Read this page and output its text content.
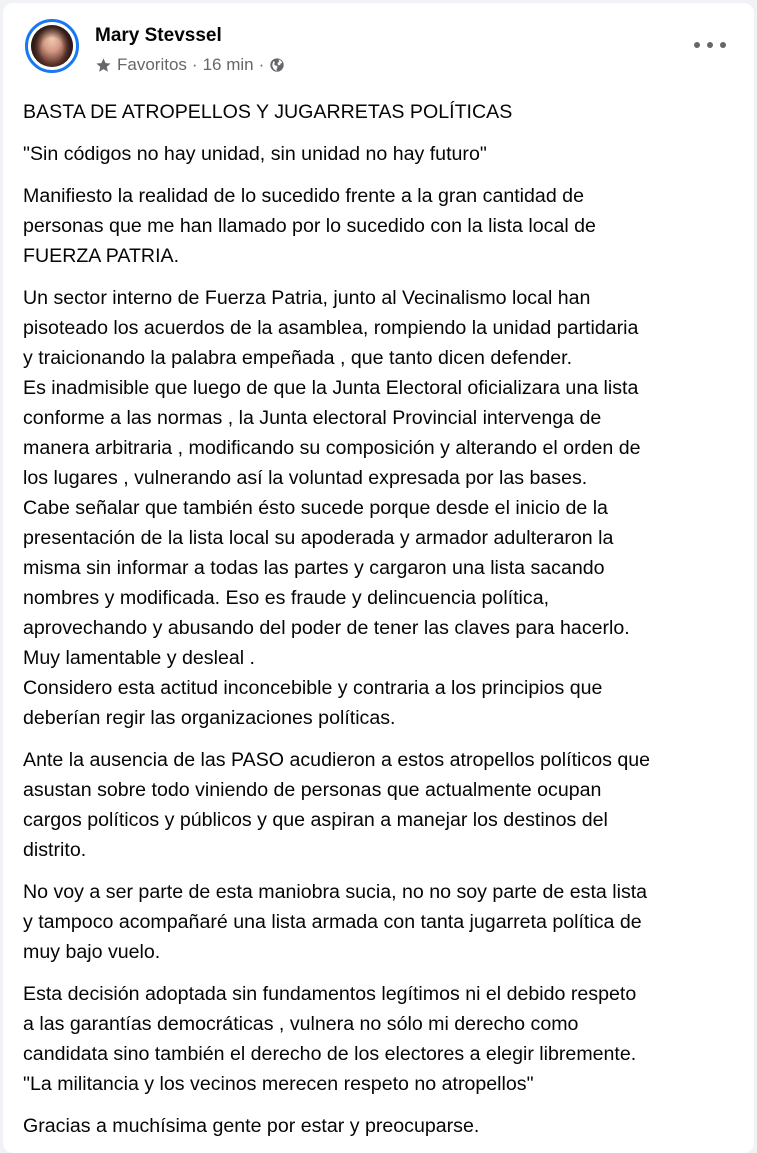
Mary Stevssel
Favoritos · 16 min ·

BASTA DE ATROPELLOS Y JUGARRETAS POLÍTICAS

"Sin códigos no hay unidad, sin unidad no hay futuro"

Manifiesto la realidad de lo sucedido frente a la gran cantidad de
personas que me han llamado por lo sucedido con la lista local de
FUERZA PATRIA.

Un sector interno de Fuerza Patria, junto al Vecinalismo local han
pisoteado los acuerdos de la asamblea, rompiendo la unidad partidaria
y traicionando la palabra empeñada , que tanto dicen defender.
Es inadmisible que luego de que la Junta Electoral oficializara una lista
conforme a las normas , la Junta electoral Provincial intervenga de
manera arbitraria , modificando su composición y alterando el orden de
los lugares , vulnerando así la voluntad expresada por las bases.
Cabe señalar que también ésto sucede porque desde el inicio de la
presentación de la lista local su apoderada y armador adulteraron la
misma sin informar a todas las partes y cargaron una lista sacando
nombres y modificada. Eso es fraude y delincuencia política,
aprovechando y abusando del poder de tener las claves para hacerlo.
Muy lamentable y desleal .
Considero esta actitud inconcebible y contraria a los principios que
deberían regir las organizaciones políticas.

Ante la ausencia de las PASO acudieron a estos atropellos políticos que
asustan sobre todo viniendo de personas que actualmente ocupan
cargos políticos y públicos y que aspiran a manejar los destinos del
distrito.

No voy a ser parte de esta maniobra sucia, no no soy parte de esta lista
y tampoco acompañaré una lista armada con tanta jugarreta política de
muy bajo vuelo.

Esta decisión adoptada sin fundamentos legítimos ni el debido respeto
a las garantías democráticas , vulnera no sólo mi derecho como
candidata sino también el derecho de los electores a elegir libremente.
"La militancia y los vecinos merecen respeto no atropellos"

Gracias a muchísima gente por estar y preocuparse.
